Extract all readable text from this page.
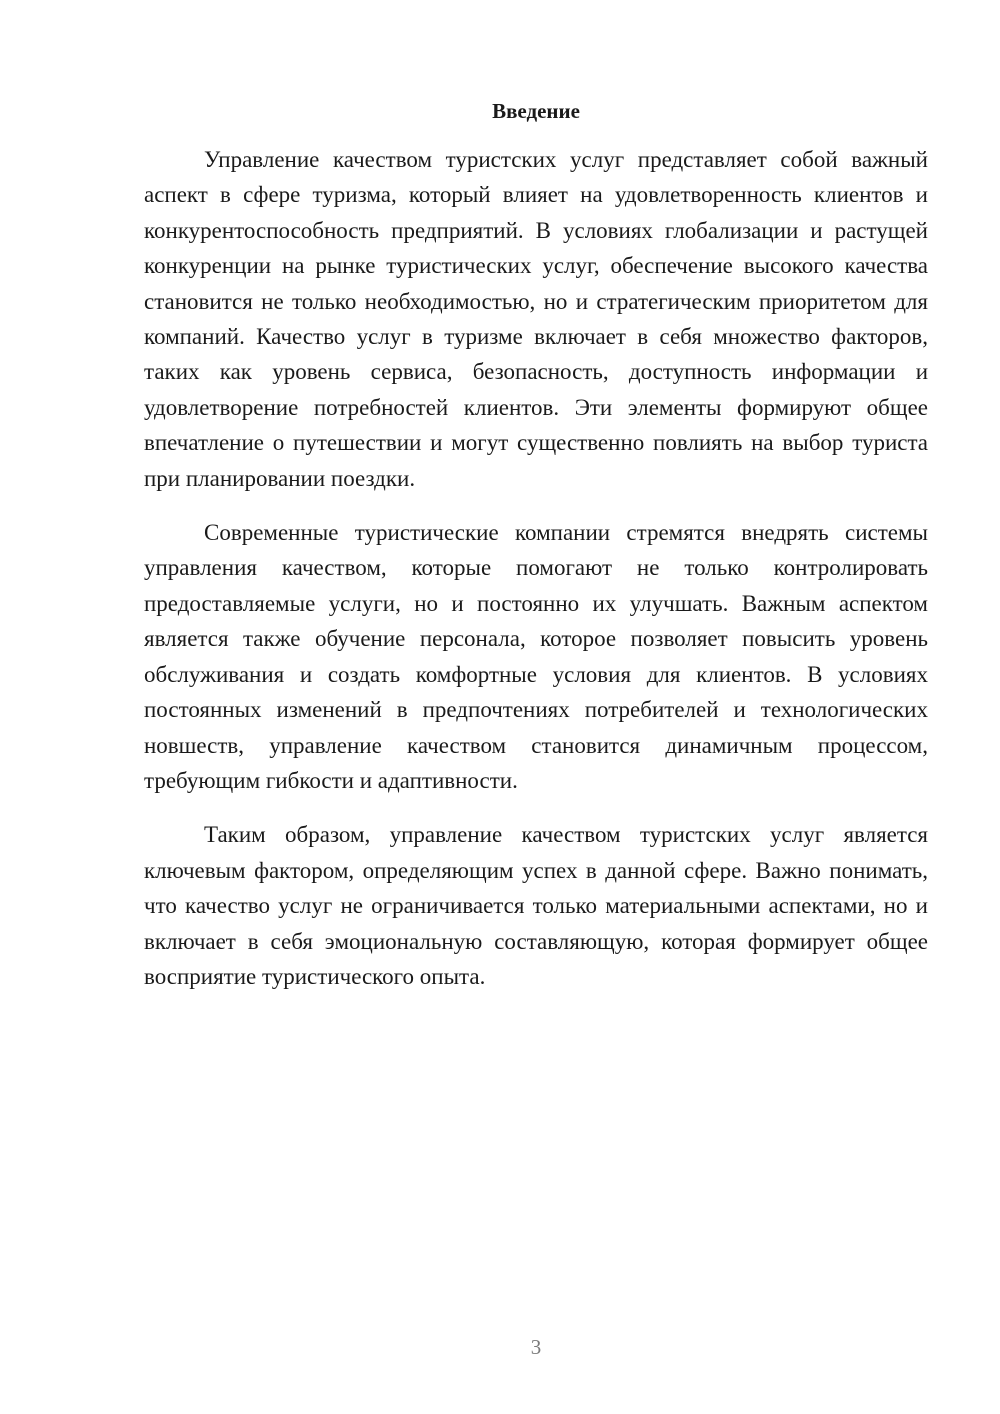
Введение

Управление качеством туристских услуг представляет собой важный аспект в сфере туризма, который влияет на удовлетворенность клиентов и конкурентоспособность предприятий. В условиях глобализации и растущей конкуренции на рынке туристических услуг, обеспечение высокого качества становится не только необходимостью, но и стратегическим приоритетом для компаний. Качество услуг в туризме включает в себя множество факторов, таких как уровень сервиса, безопасность, доступность информации и удовлетворение потребностей клиентов. Эти элементы формируют общее впечатление о путешествии и могут существенно повлиять на выбор туриста при планировании поездки.

Современные туристические компании стремятся внедрять системы управления качеством, которые помогают не только контролировать предоставляемые услуги, но и постоянно их улучшать. Важным аспектом является также обучение персонала, которое позволяет повысить уровень обслуживания и создать комфортные условия для клиентов. В условиях постоянных изменений в предпочтениях потребителей и технологических новшеств, управление качеством становится динамичным процессом, требующим гибкости и адаптивности.

Таким образом, управление качеством туристских услуг является ключевым фактором, определяющим успех в данной сфере. Важно понимать, что качество услуг не ограничивается только материальными аспектами, но и включает в себя эмоциональную составляющую, которая формирует общее восприятие туристического опыта.

3
